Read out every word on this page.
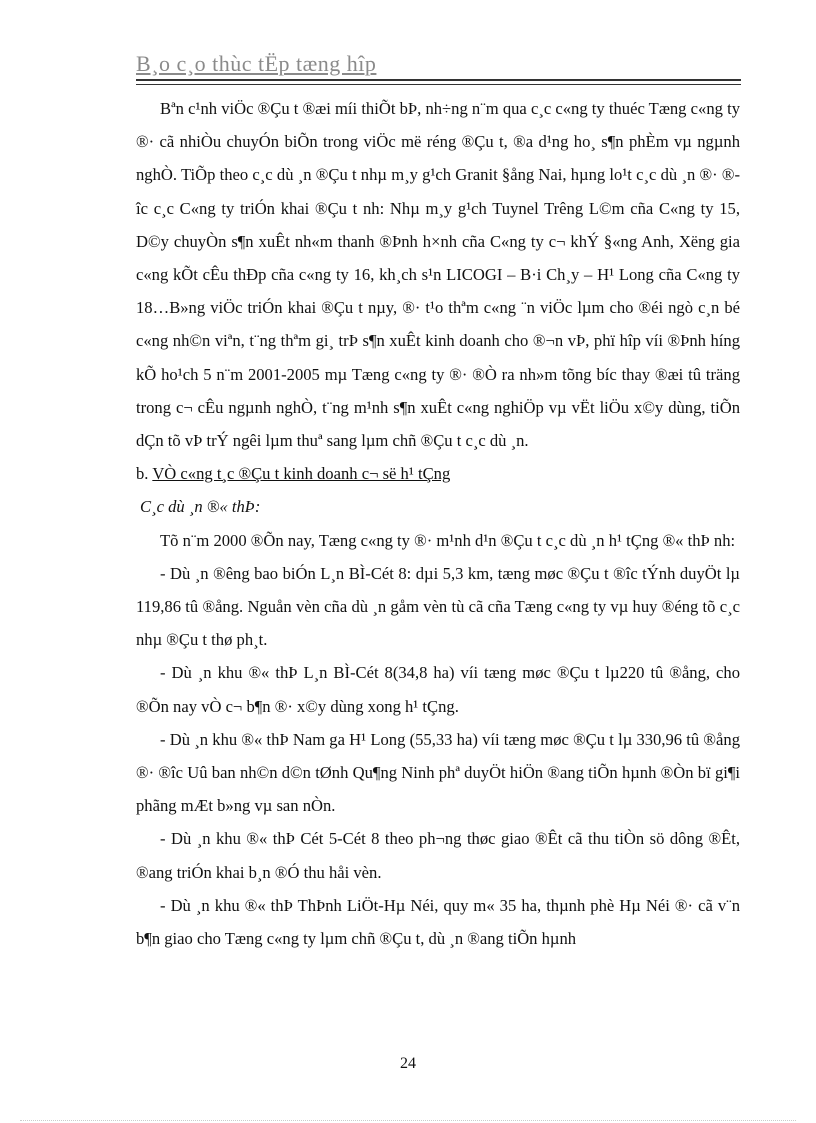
B¸o c¸o thùc tËp tæng hîp

Bªn c¹nh viÖc ®Çu t ®æi míi thiÕt bÞ, nh÷ng n¨m qua c¸c c«ng ty thuéc Tæng c«ng ty ®· cã nhiÒu chuyÓn biÕn trong viÖc më réng ®Çu t, ®a d¹ng ho¸ s¶n phÈm vµ ngµnh nghÒ. TiÕp theo c¸c dù ¸n ®Çu t nhµ m¸y g¹ch Granit §ång Nai, hµng lo¹t c¸c dù ¸n ®· ®îc c¸c C«ng ty triÓn khai ®Çu t nh: Nhµ m¸y g¹ch Tuynel Trêng L©m cña C«ng ty 15, D©y chuyÒn s¶n xuÊt nh«m thanh ®Þnh h×nh cña C«ng ty c¬ khÝ §«ng Anh, Xëng gia c«ng kÕt cÊu thÐp cña c«ng ty 16, kh¸ch s¹n LICOGI – B·i Ch¸y – H¹ Long cña C«ng ty 18…B»ng viÖc triÓn khai ®Çu t nµy, ®· t¹o thªm c«ng ¨n viÖc lµm cho ®éi ngò c¸n bé c«ng nh©n viªn, t¨ng thªm gi¸ trÞ s¶n xuÊt kinh doanh cho ®¬n vÞ, phï hîp víi ®Þnh híng kÕ ho¹ch 5 n¨m 2001-2005 mµ Tæng c«ng ty ®· ®Ò ra nh»m tõng bíc thay ®æi tû träng trong c¬ cÊu ngµnh nghÒ, t¨ng m¹nh s¶n xuÊt c«ng nghiÖp vµ vËt liÖu x©y dùng, tiÕn dÇn tõ vÞ trÝ ngêi lµm thuª sang lµm chñ ®Çu t c¸c dù ¸n.

b. VÒ c«ng t¸c ®Çu t kinh doanh c¬ së h¹ tÇng

C¸c dù ¸n ®« thÞ:

Tõ n¨m 2000 ®Õn nay, Tæng c«ng ty ®· m¹nh d¹n ®Çu t c¸c dù ¸n h¹ tÇng ®« thÞ nh:

- Dù ¸n ®êng bao biÓn L¸n BÌ-Cét 8: dµi 5,3 km, tæng møc ®Çu t ®îc tÝnh duyÖt lµ 119,86 tû ®ång. Nguån vèn cña dù ¸n gåm vèn tù cã cña Tæng c«ng ty vµ huy ®éng tõ c¸c nhµ ®Çu t thø ph¸t.

- Dù ¸n khu ®« thÞ L¸n BÌ-Cét 8(34,8 ha) víi tæng møc ®Çu t lµ220 tû ®ång, cho ®Õn nay vÒ c¬ b¶n ®· x©y dùng xong h¹ tÇng.

- Dù ¸n khu ®« thÞ Nam ga H¹ Long (55,33 ha) víi tæng møc ®Çu t lµ 330,96 tû ®ång ®· ®îc Uû ban nh©n d©n tØnh Qu¶ng Ninh phª duyÖt hiÖn ®ang tiÕn hµnh ®Òn bï gi¶i phãng mÆt b»ng vµ san nÒn.

- Dù ¸n khu ®« thÞ Cét 5-Cét 8 theo ph¬ng thøc giao ®Êt cã thu tiÒn sö dông ®Êt, ®ang triÓn khai b¸n ®Ó thu håi vèn.

- Dù ¸n khu ®« thÞ ThÞnh LiÖt-Hµ Néi, quy m« 35 ha, thµnh phè Hµ Néi ®· cã v¨n b¶n giao cho Tæng c«ng ty lµm chñ ®Çu t, dù ¸n ®ang tiÕn hµnh

24
